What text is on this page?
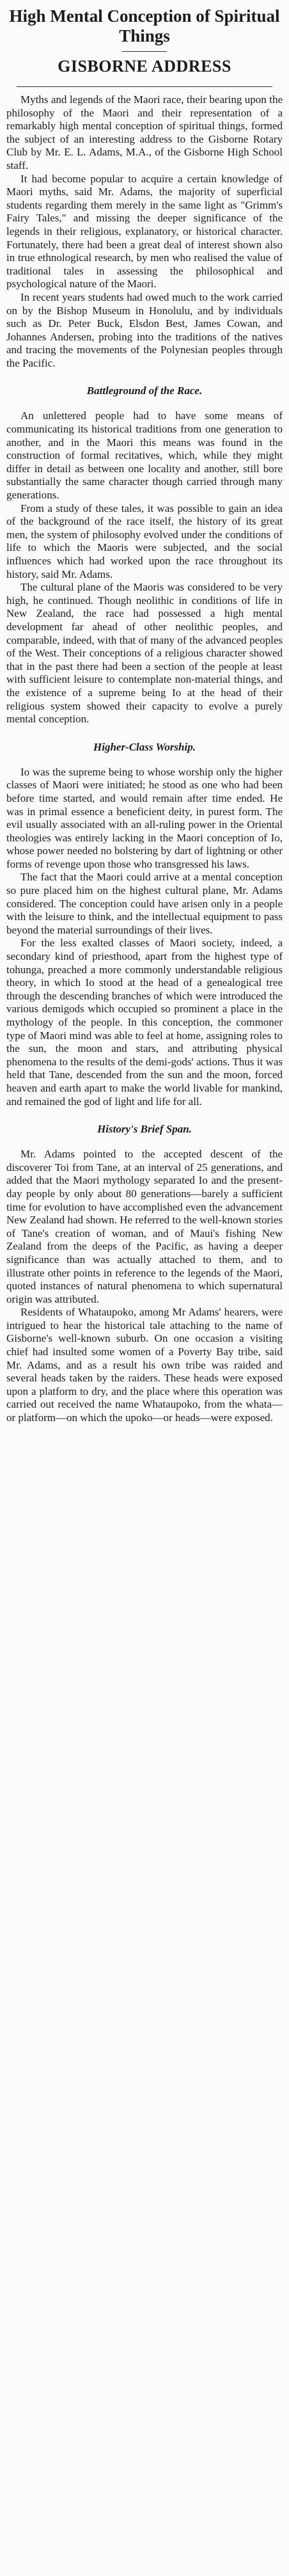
High Mental Conception of Spiritual Things
GISBORNE ADDRESS

Myths and legends of the Maori race, their bearing upon the philosophy of the Maori and their representation of a remarkably high mental conception of spiritual things, formed the subject of an interesting address to the Gisborne Rotary Club by Mr. E. L. Adams, M.A., of the Gisborne High School staff.

It had become popular to acquire a certain knowledge of Maori myths, said Mr. Adams, the majority of superficial students regarding them merely in the same light as "Grimm's Fairy Tales," and missing the deeper significance of the legends in their religious, explanatory, or historical character. Fortunately, there had been a great deal of interest shown also in true ethnological research, by men who realised the value of traditional tales in assessing the philosophical and psychological nature of the Maori.

In recent years students had owed much to the work carried on by the Bishop Museum in Honolulu, and by individuals such as Dr. Peter Buck, Elsdon Best, James Cowan, and Johannes Andersen, probing into the traditions of the natives and tracing the movements of the Polynesian peoples through the Pacific.

Battleground of the Race.

An unlettered people had to have some means of communicating its historical traditions from one generation to another, and in the Maori this means was found in the construction of formal recitatives, which, while they might differ in detail as between one locality and another, still bore substantially the same character though carried through many generations.

From a study of these tales, it was possible to gain an idea of the background of the race itself, the history of its great men, the system of philosophy evolved under the conditions of life to which the Maoris were subjected, and the social influences which had worked upon the race throughout its history, said Mr. Adams.

The cultural plane of the Maoris was considered to be very high, he continued. Though neolithic in conditions of life in New Zealand, the race had possessed a high mental development far ahead of other neolithic peoples, and comparable, indeed, with that of many of the advanced peoples of the West. Their conceptions of a religious character showed that in the past there had been a section of the people at least with sufficient leisure to contemplate non-material things, and the existence of a supreme being Io at the head of their religious system showed their capacity to evolve a purely mental conception.

Higher-Class Worship.

Io was the supreme being to whose worship only the higher classes of Maori were initiated; he stood as one who had been before time started, and would remain after time ended. He was in primal essence a beneficient deity, in purest form. The evil usually associated with an all-ruling power in the Oriental theologies was entirely lacking in the Maori conception of Io, whose power needed no bolstering by dart of lightning or other forms of revenge upon those who transgressed his laws.

The fact that the Maori could arrive at a mental conception so pure placed him on the highest cultural plane, Mr. Adams considered. The conception could have arisen only in a people with the leisure to think, and the intellectual equipment to pass beyond the material surroundings of their lives.

For the less exalted classes of Maori society, indeed, a secondary kind of priesthood, apart from the highest type of tohunga, preached a more commonly understandable religious theory, in which Io stood at the head of a genealogical tree through the descending branches of which were introduced the various demigods which occupied so prominent a place in the mythology of the people. In this conception, the commoner type of Maori mind was able to feel at home, assigning roles to the sun, the moon and stars, and attributing physical phenomena to the results of the demi-gods' actions. Thus it was held that Tane, descended from the sun and the moon, forced heaven and earth apart to make the world livable for mankind, and remained the god of light and life for all.

History's Brief Span.

Mr. Adams pointed to the accepted descent of the discoverer Toi from Tane, at an interval of 25 generations, and added that the Maori mythology separated Io and the present-day people by only about 80 generations—barely a sufficient time for evolution to have accomplished even the advancement New Zealand had shown. He referred to the well-known stories of Tane's creation of woman, and of Maui's fishing New Zealand from the deeps of the Pacific, as having a deeper significance than was actually attached to them, and to illustrate other points in reference to the legends of the Maori, quoted instances of natural phenomena to which supernatural origin was attributed.

Residents of Whataupoko, among Mr Adams' hearers, were intrigued to hear the historical tale attaching to the name of Gisborne's well-known suburb. On one occasion a visiting chief had insulted some women of a Poverty Bay tribe, said Mr. Adams, and as a result his own tribe was raided and several heads taken by the raiders. These heads were exposed upon a platform to dry, and the place where this operation was carried out received the name Whataupoko, from the whata—or platform—on which the upoko—or heads—were exposed.
